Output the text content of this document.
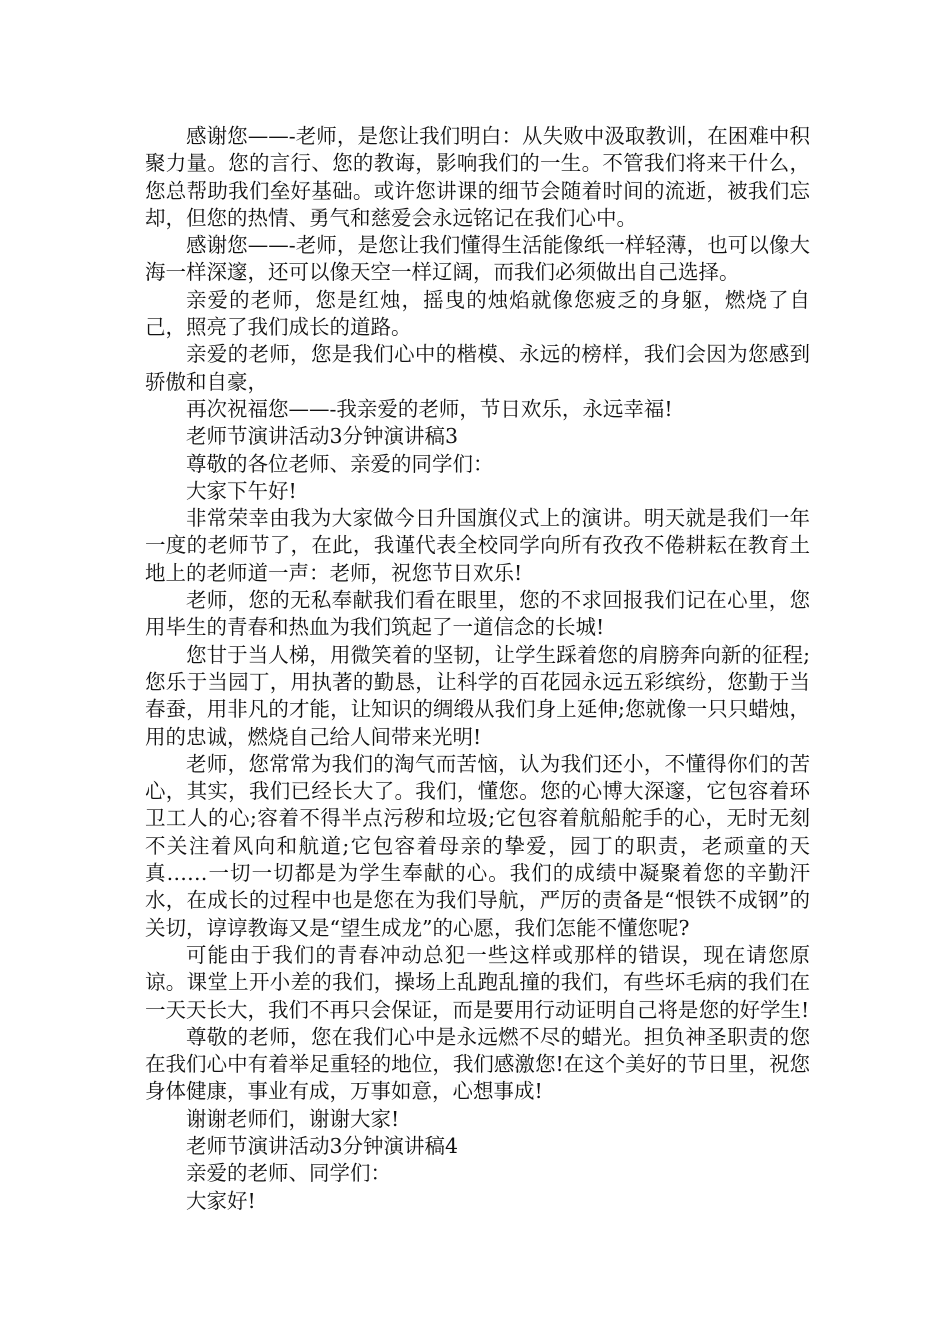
感谢您——-老师，是您让我们明白：从失败中汲取教训，在困难中积聚力量。您的言行、您的教诲，影响我们的一生。不管我们将来干什么，您总帮助我们垒好基础。或许您讲课的细节会随着时间的流逝，被我们忘却，但您的热情、勇气和慈爱会永远铭记在我们心中。

感谢您——-老师，是您让我们懂得生活能像纸一样轻薄，也可以像大海一样深邃，还可以像天空一样辽阔，而我们必须做出自己选择。

亲爱的老师，您是红烛，摇曳的烛焰就像您疲乏的身躯，燃烧了自己，照亮了我们成长的道路。

亲爱的老师，您是我们心中的楷模、永远的榜样，我们会因为您感到骄傲和自豪，

再次祝福您——-我亲爱的老师，节日欢乐，永远幸福!

老师节演讲活动3分钟演讲稿3

尊敬的各位老师、亲爱的同学们：

大家下午好!

非常荣幸由我为大家做今日升国旗仪式上的演讲。明天就是我们一年一度的老师节了，在此，我谨代表全校同学向所有孜孜不倦耕耘在教育土地上的老师道一声：老师，祝您节日欢乐!

老师，您的无私奉献我们看在眼里，您的不求回报我们记在心里，您用毕生的青春和热血为我们筑起了一道信念的长城!

您甘于当人梯，用微笑着的坚韧，让学生踩着您的肩膀奔向新的征程;您乐于当园丁，用执著的勤恳，让科学的百花园永远五彩缤纷，您勤于当春蚕，用非凡的才能，让知识的绸缎从我们身上延伸;您就像一只只蜡烛，用的忠诚，燃烧自己给人间带来光明!

老师，您常常为我们的淘气而苦恼，认为我们还小，不懂得你们的苦心，其实，我们已经长大了。我们，懂您。您的心博大深邃，它包容着环卫工人的心;容着不得半点污秽和垃圾;它包容着航船舵手的心，无时无刻不关注着风向和航道;它包容着母亲的挚爱，园丁的职责，老顽童的天真……一切一切都是为学生奉献的心。我们的成绩中凝聚着您的辛勤汗水，在成长的过程中也是您在为我们导航，严厉的责备是“恨铁不成钢”的关切，谆谆教诲又是“望生成龙”的心愿，我们怎能不懂您呢?

可能由于我们的青春冲动总犯一些这样或那样的错误，现在请您原谅。课堂上开小差的我们，操场上乱跑乱撞的我们，有些坏毛病的我们在一天天长大，我们不再只会保证，而是要用行动证明自己将是您的好学生!

尊敬的老师，您在我们心中是永远燃不尽的蜡光。担负神圣职责的您在我们心中有着举足重轻的地位，我们感激您!在这个美好的节日里，祝您身体健康，事业有成，万事如意，心想事成!

谢谢老师们，谢谢大家!

老师节演讲活动3分钟演讲稿4

亲爱的老师、同学们：

大家好!
